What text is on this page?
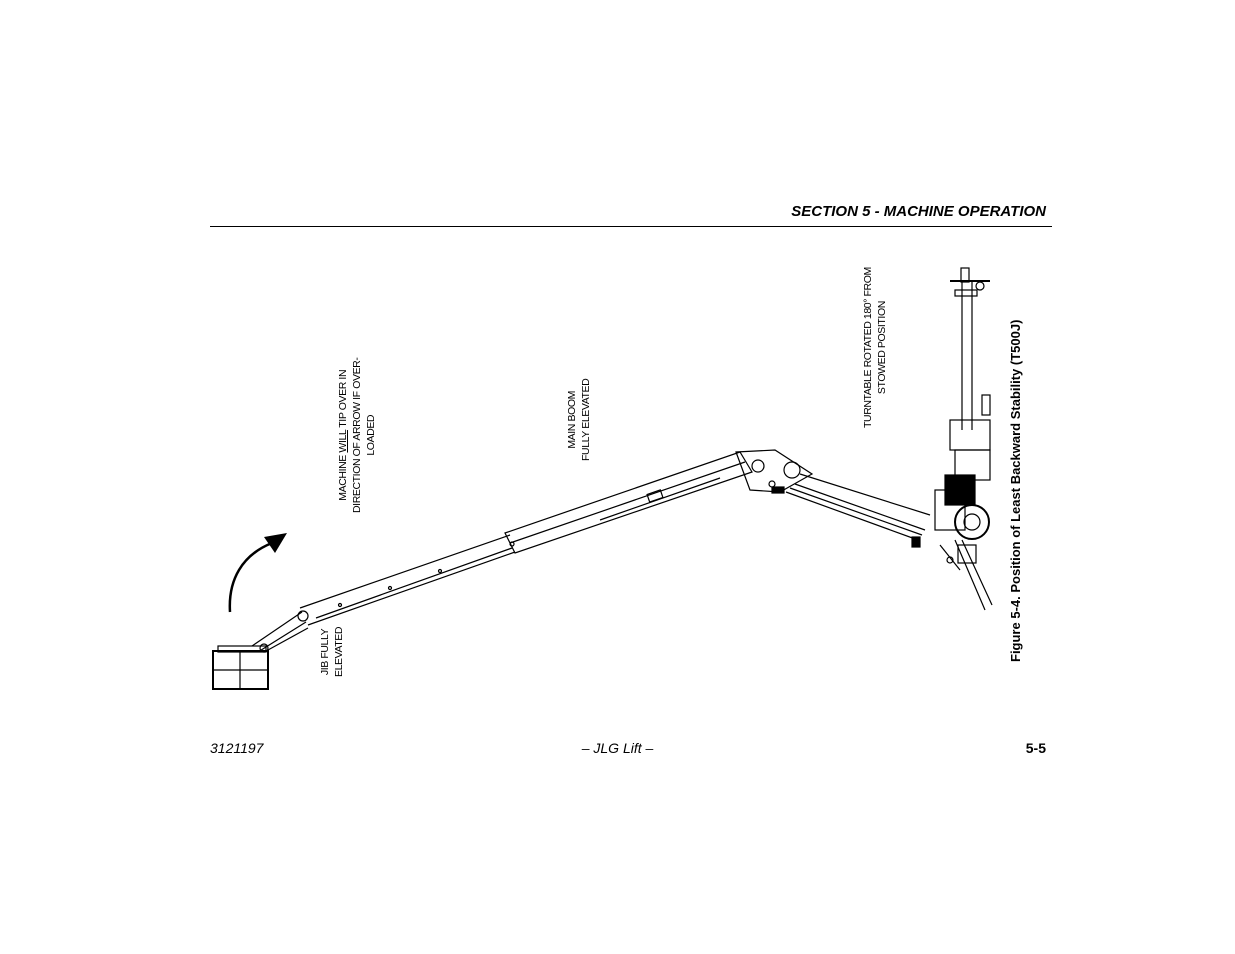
SECTION 5 - MACHINE OPERATION
MACHINE WILL TIP OVER IN DIRECTION OF ARROW IF OVER- LOADED	MAIN BOOM FULLY ELEVATED	TURNTABLE ROTATED 180° FROM STOWED POSITION
JIB FULLY ELEVATED	Figure 5-4. Position of Least Backward Stability (T500J)
3121197	– JLG Lift –	5-5
